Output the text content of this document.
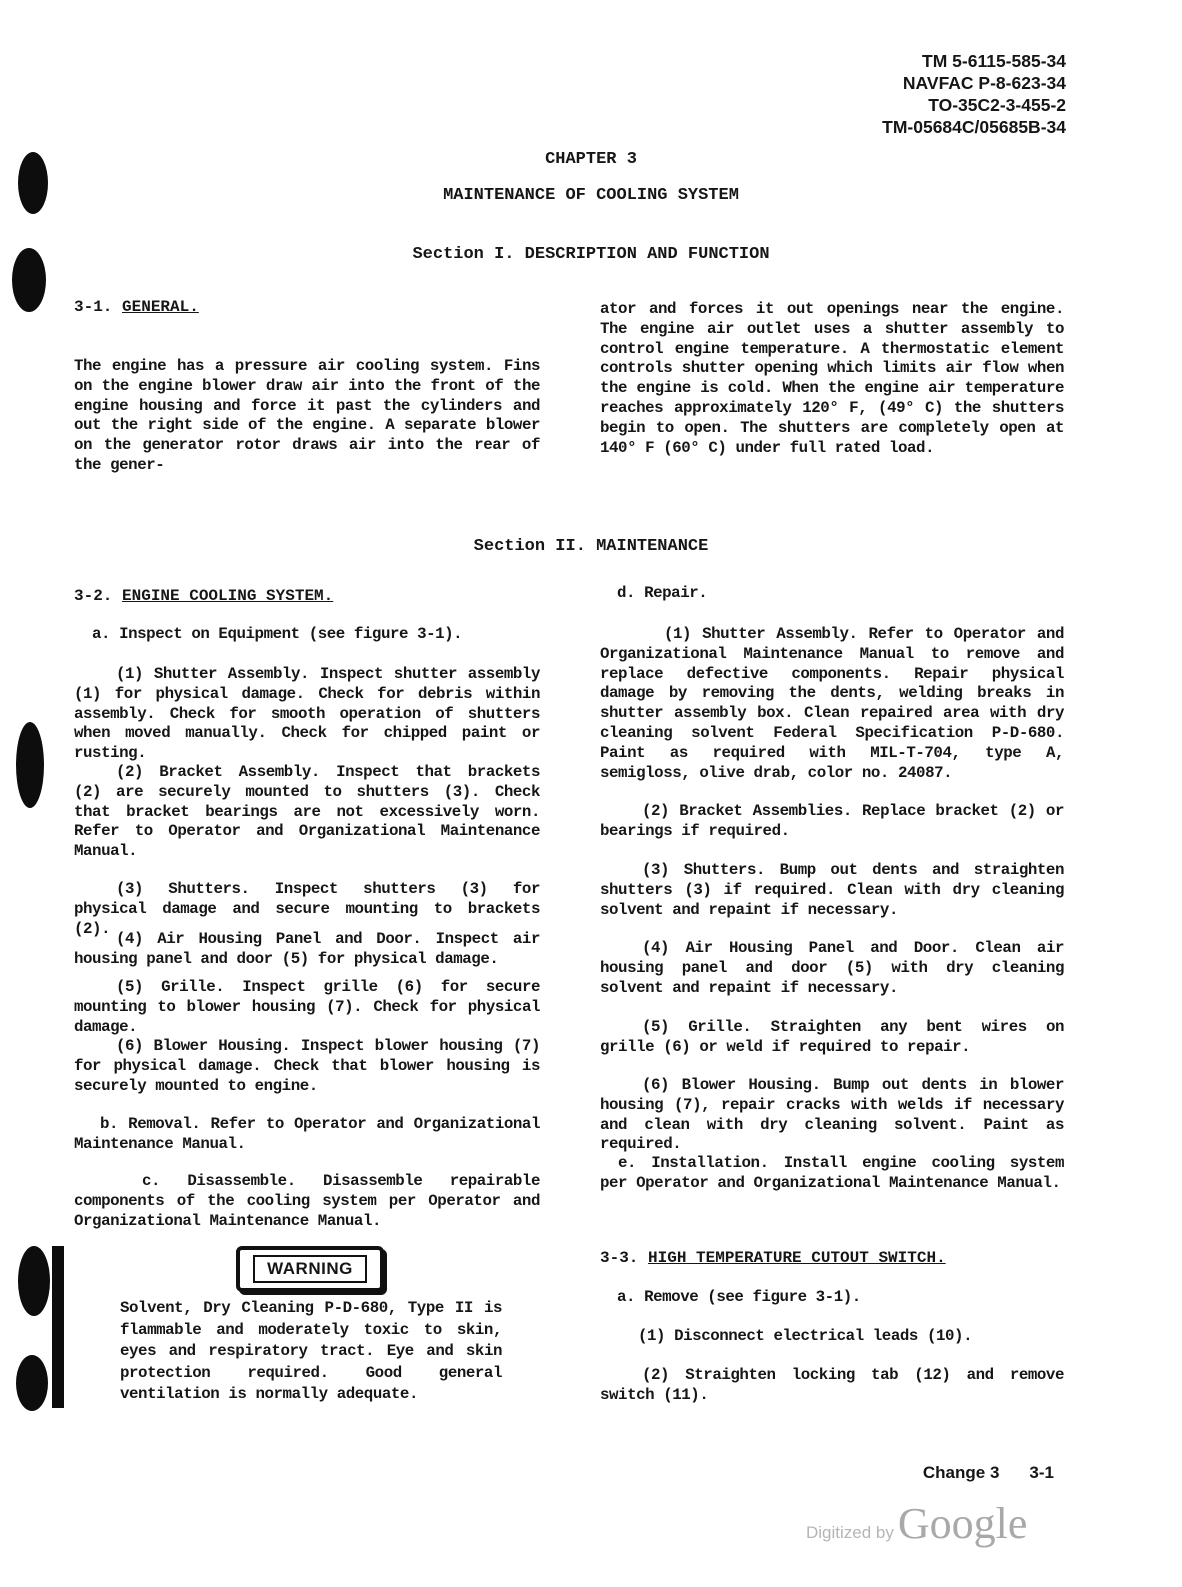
TM 5-6115-585-34
NAVFAC P-8-623-34
TO-35C2-3-455-2
TM-05684C/05685B-34
CHAPTER 3
MAINTENANCE OF COOLING SYSTEM
Section I. DESCRIPTION AND FUNCTION
3-1. GENERAL.
The engine has a pressure air cooling system. Fins on the engine blower draw air into the front of the engine housing and force it past the cylinders and out the right side of the engine. A separate blower on the generator rotor draws air into the rear of the gener-
ator and forces it out openings near the engine. The engine air outlet uses a shutter assembly to control engine temperature. A thermostatic element controls shutter opening which limits air flow when the engine is cold. When the engine air temperature reaches approximately 120° F, (49° C) the shutters begin to open. The shutters are completely open at 140° F (60° C) under full rated load.
Section II. MAINTENANCE
3-2. ENGINE COOLING SYSTEM.
a. Inspect on Equipment (see figure 3-1).
(1) Shutter Assembly. Inspect shutter assembly (1) for physical damage. Check for debris within assembly. Check for smooth operation of shutters when moved manually. Check for chipped paint or rusting.
(2) Bracket Assembly. Inspect that brackets (2) are securely mounted to shutters (3). Check that bracket bearings are not excessively worn. Refer to Operator and Organizational Maintenance Manual.
(3) Shutters. Inspect shutters (3) for physical damage and secure mounting to brackets (2).
(4) Air Housing Panel and Door. Inspect air housing panel and door (5) for physical damage.
(5) Grille. Inspect grille (6) for secure mounting to blower housing (7). Check for physical damage.
(6) Blower Housing. Inspect blower housing (7) for physical damage. Check that blower housing is securely mounted to engine.
b. Removal. Refer to Operator and Organizational Maintenance Manual.
c. Disassemble. Disassemble repairable components of the cooling system per Operator and Organizational Maintenance Manual.
WARNING
Solvent, Dry Cleaning P-D-680, Type II is flammable and moderately toxic to skin, eyes and respiratory tract. Eye and skin protection required. Good general ventilation is normally adequate.
d. Repair.
(1) Shutter Assembly. Refer to Operator and Organizational Maintenance Manual to remove and replace defective components. Repair physical damage by removing the dents, welding breaks in shutter assembly box. Clean repaired area with dry cleaning solvent Federal Specification P-D-680. Paint as required with MIL-T-704, type A, semigloss, olive drab, color no. 24087.
(2) Bracket Assemblies. Replace bracket (2) or bearings if required.
(3) Shutters. Bump out dents and straighten shutters (3) if required. Clean with dry cleaning solvent and repaint if necessary.
(4) Air Housing Panel and Door. Clean air housing panel and door (5) with dry cleaning solvent and repaint if necessary.
(5) Grille. Straighten any bent wires on grille (6) or weld if required to repair.
(6) Blower Housing. Bump out dents in blower housing (7), repair cracks with welds if necessary and clean with dry cleaning solvent. Paint as required.
e. Installation. Install engine cooling system per Operator and Organizational Maintenance Manual.
3-3. HIGH TEMPERATURE CUTOUT SWITCH.
a. Remove (see figure 3-1).
(1) Disconnect electrical leads (10).
(2) Straighten locking tab (12) and remove switch (11).
Change 3 3-1
Digitized byGoogle
